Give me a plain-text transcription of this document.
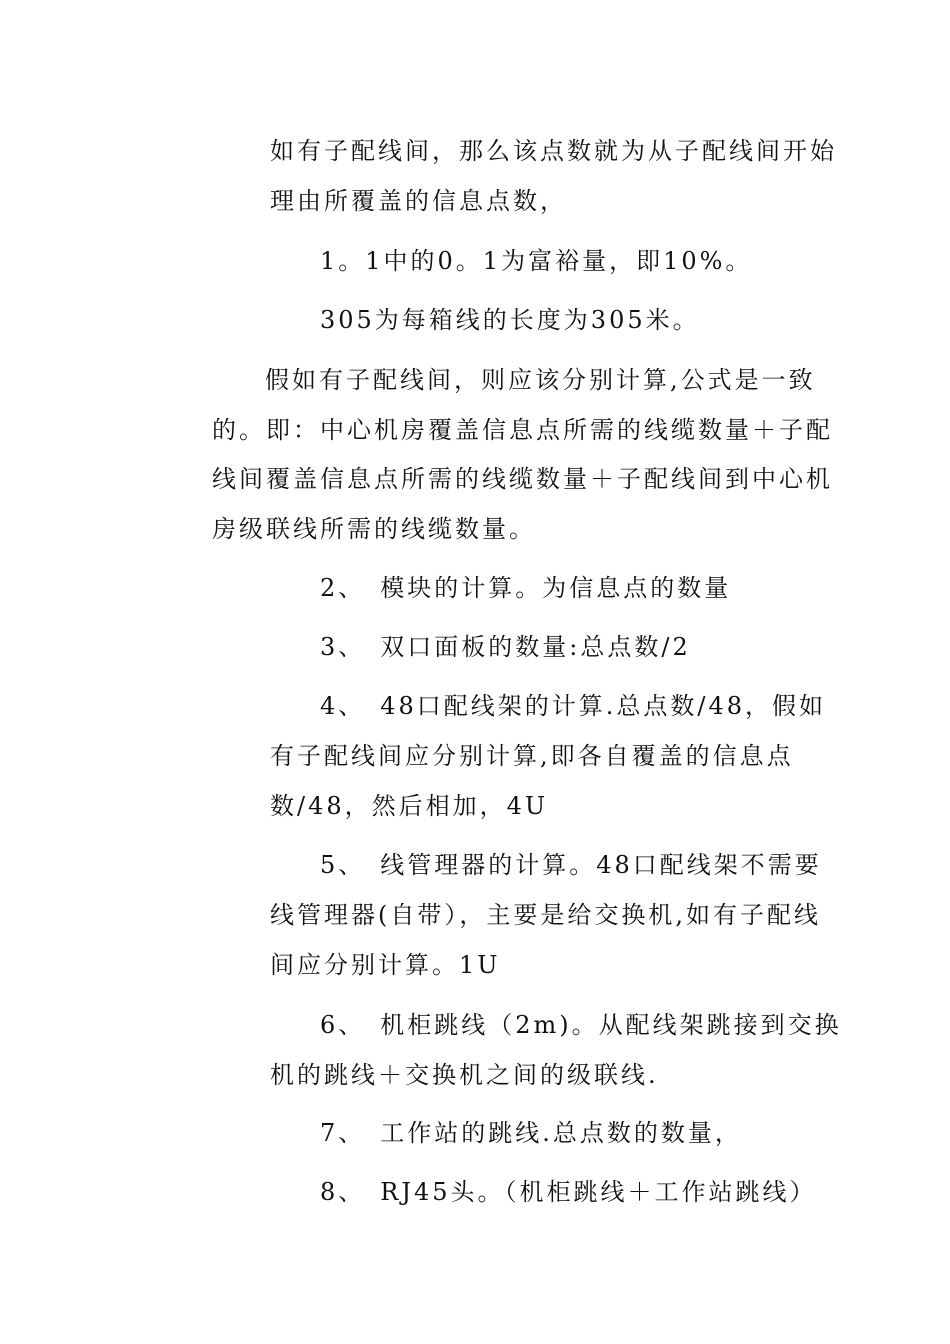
如有子配线间，那么该点数就为从子配线间开始
理由所覆盖的信息点数，
1。1中的0。1为富裕量，即10%。
305为每箱线的长度为305米。
假如有子配线间，则应该分别计算,公式是一致
的。即：中心机房覆盖信息点所需的线缆数量＋子配
线间覆盖信息点所需的线缆数量＋子配线间到中心机
房级联线所需的线缆数量。
2、　模块的计算。为信息点的数量
3、　双口面板的数量:总点数/2
4、　48口配线架的计算.总点数/48，假如
有子配线间应分别计算,即各自覆盖的信息点
数/48，然后相加，4U
5、　线管理器的计算。48口配线架不需要
线管理器(自带），主要是给交换机,如有子配线
间应分别计算。1U
6、　机柜跳线（2m)。从配线架跳接到交换
机的跳线＋交换机之间的级联线.
7、　工作站的跳线.总点数的数量，
8、　RJ45头。（机柜跳线＋工作站跳线）
